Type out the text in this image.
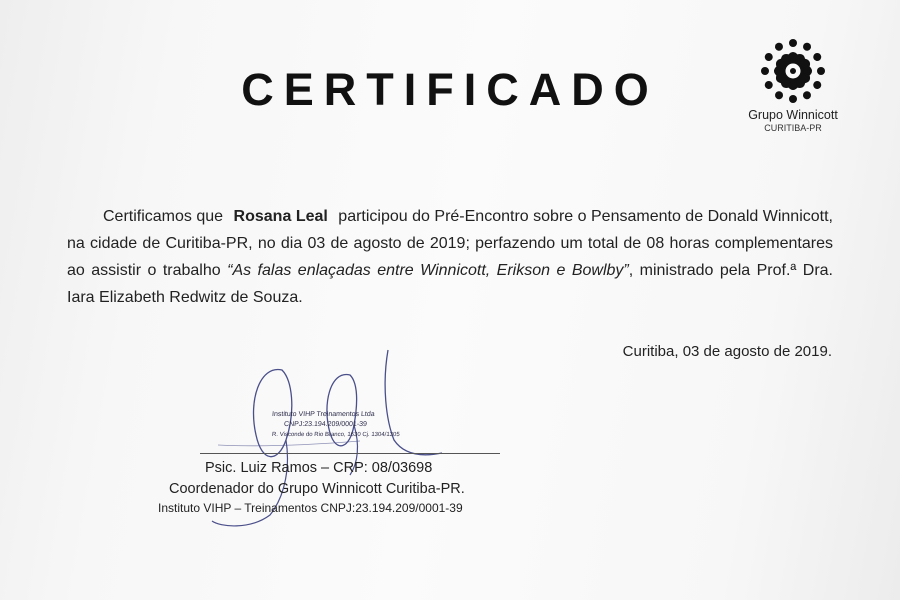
CERTIFICADO	Grupo Winnicott
CURITIBA-PR
Certificamos que Rosana Leal participou do Pré-Encontro sobre o Pensamento de Donald Winnicott, na cidade de Curitiba-PR, no dia 03 de agosto de 2019; perfazendo um total de 08 horas complementares ao assistir o trabalho “As falas enlaçadas entre Winnicott, Erikson e Bowlby”, ministrado pela Prof.ª Dra. Iara Elizabeth Redwitz de Souza.
Curitiba, 03 de agosto de 2019.
Instituto VIHP Treinamentos Ltda
CNPJ:23.194.209/0001-39
R. Visconde do Rio Branco, 1630 Cj. 1304/1305
Psic. Luiz Ramos – CRP: 08/03698
Coordenador do Grupo Winnicott Curitiba-PR.
Instituto VIHP – Treinamentos CNPJ:23.194.209/0001-39
